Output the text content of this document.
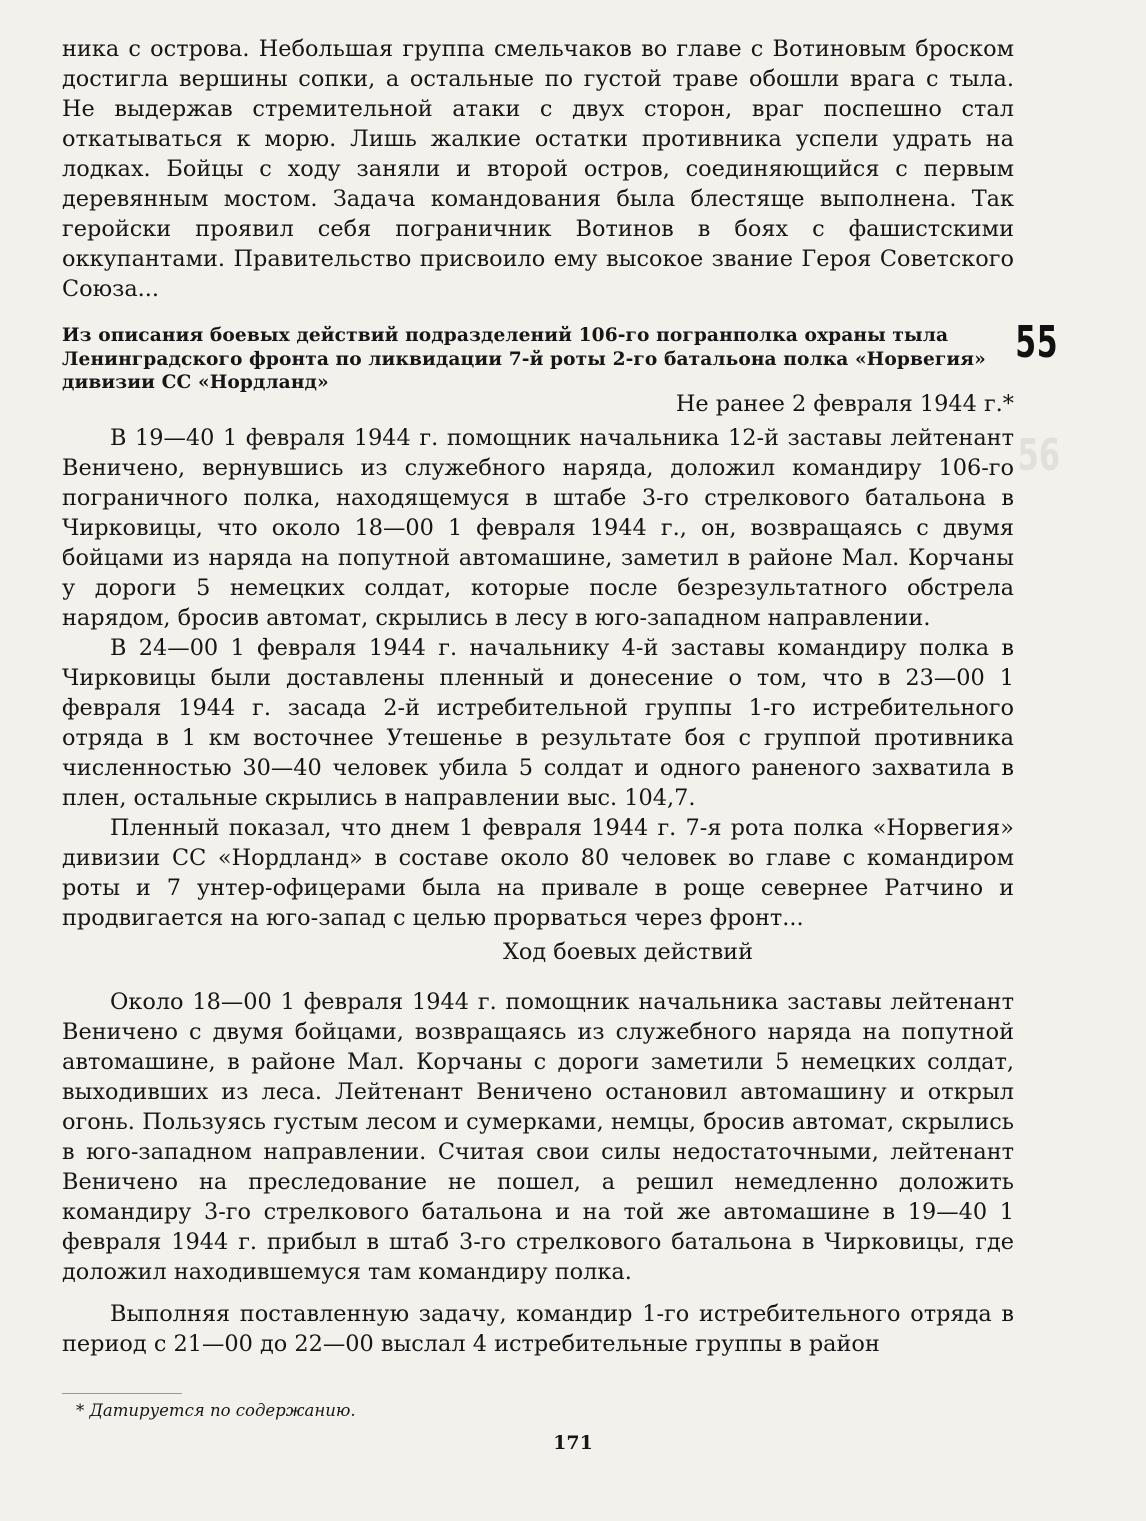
56
55

ника с острова. Небольшая группа смельчаков во главе с Вотиновым броском достигла вершины сопки, а остальные по густой траве обошли врага с тыла. Не выдержав стремительной атаки с двух сторон, враг поспешно стал откатываться к морю. Лишь жалкие остатки противника успели удрать на лодках. Бойцы с ходу заняли и второй остров, соединяющийся с первым деревянным мостом. Задача командования была блестяще выполнена. Так геройски проявил себя пограничник Вотинов в боях с фашистскими оккупантами. Правительство присвоило ему высокое звание Героя Советского Союза...

Из описания боевых действий подразделений 106-го погранполка охраны тыла Ленинградского фронта по ликвидации 7-й роты 2-го батальона полка «Норвегия» дивизии СС «Нордланд»

Не ранее 2 февраля 1944 г.*

В 19—40 1 февраля 1944 г. помощник начальника 12-й заставы лейтенант Веничено, вернувшись из служебного наряда, доложил командиру 106-го пограничного полка, находящемуся в штабе 3-го стрелкового батальона в Чирковицы, что около 18—00 1 февраля 1944 г., он, возвращаясь с двумя бойцами из наряда на попутной автомашине, заметил в районе Мал. Корчаны у дороги 5 немецких солдат, которые после безрезультатного обстрела нарядом, бросив автомат, скрылись в лесу в юго-западном направлении.

В 24—00 1 февраля 1944 г. начальнику 4-й заставы командиру полка в Чирковицы были доставлены пленный и донесение о том, что в 23—00 1 февраля 1944 г. засада 2-й истребительной группы 1-го истребительного отряда в 1 км восточнее Утешенье в результате боя с группой противника численностью 30—40 человек убила 5 солдат и одного раненого захватила в плен, остальные скрылись в направлении выс. 104,7.

Пленный показал, что днем 1 февраля 1944 г. 7-я рота полка «Норвегия» дивизии СС «Нордланд» в составе около 80 человек во главе с командиром роты и 7 унтер-офицерами была на привале в роще севернее Ратчино и продвигается на юго-запад с целью прорваться через фронт...

Ход боевых действий

Около 18—00 1 февраля 1944 г. помощник начальника заставы лейтенант Веничено с двумя бойцами, возвращаясь из служебного наряда на попутной автомашине, в районе Мал. Корчаны с дороги заметили 5 немецких солдат, выходивших из леса. Лейтенант Веничено остановил автомашину и открыл огонь. Пользуясь густым лесом и сумерками, немцы, бросив автомат, скрылись в юго-западном направлении. Считая свои силы недостаточными, лейтенант Веничено на преследование не пошел, а решил немедленно доложить командиру 3-го стрелкового батальона и на той же автомашине в 19—40 1 февраля 1944 г. прибыл в штаб 3-го стрелкового батальона в Чирковицы, где доложил находившемуся там командиру полка.

Выполняя поставленную задачу, командир 1-го истребительного отряда в период с 21—00 до 22—00 выслал 4 истребительные группы в район

* Датируется по содержанию.
171
